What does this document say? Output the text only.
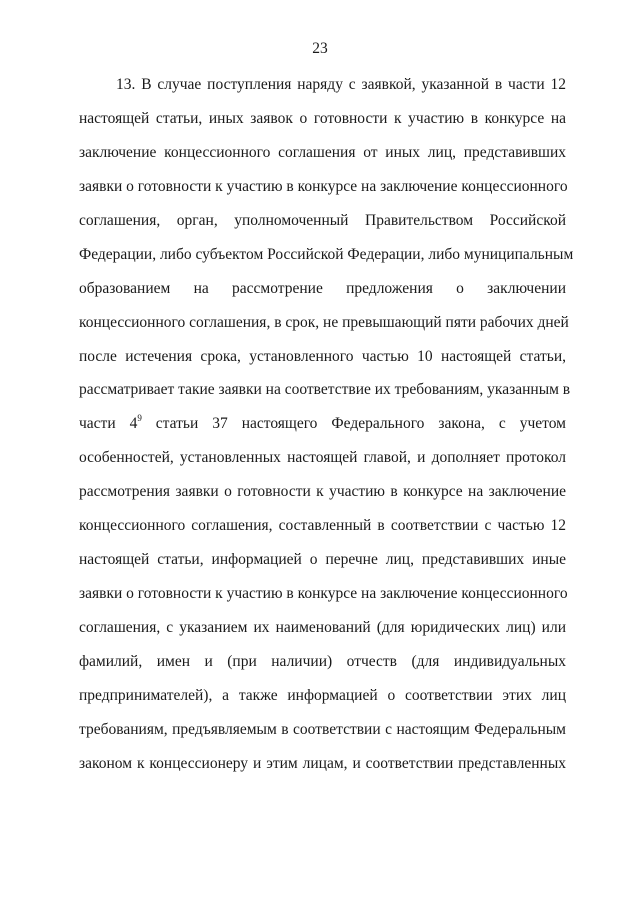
23
13. В случае поступления наряду с заявкой, указанной в части 12
настоящей статьи, иных заявок о готовности к участию в конкурсе на
заключение концессионного соглашения от иных лиц, представивших
заявки о готовности к участию в конкурсе на заключение концессионного
соглашения, орган, уполномоченный Правительством Российской
Федерации, либо субъектом Российской Федерации, либо муниципальным
образованием на рассмотрение предложения о заключении
концессионного соглашения, в срок, не превышающий пяти рабочих дней
после истечения срока, установленного частью 10 настоящей статьи,
рассматривает такие заявки на соответствие их требованиям, указанным в
части $4^9$ статьи 37 настоящего Федерального закона, с учетом
особенностей, установленных настоящей главой, и дополняет протокол
рассмотрения заявки о готовности к участию в конкурсе на заключение
концессионного соглашения, составленный в соответствии с частью 12
настоящей статьи, информацией о перечне лиц, представивших иные
заявки о готовности к участию в конкурсе на заключение концессионного
соглашения, с указанием их наименований (для юридических лиц) или
фамилий, имен и (при наличии) отчеств (для индивидуальных
предпринимателей), а также информацией о соответствии этих лиц
требованиям, предъявляемым в соответствии с настоящим Федеральным
законом к концессионеру и этим лицам, и соответствии представленных
